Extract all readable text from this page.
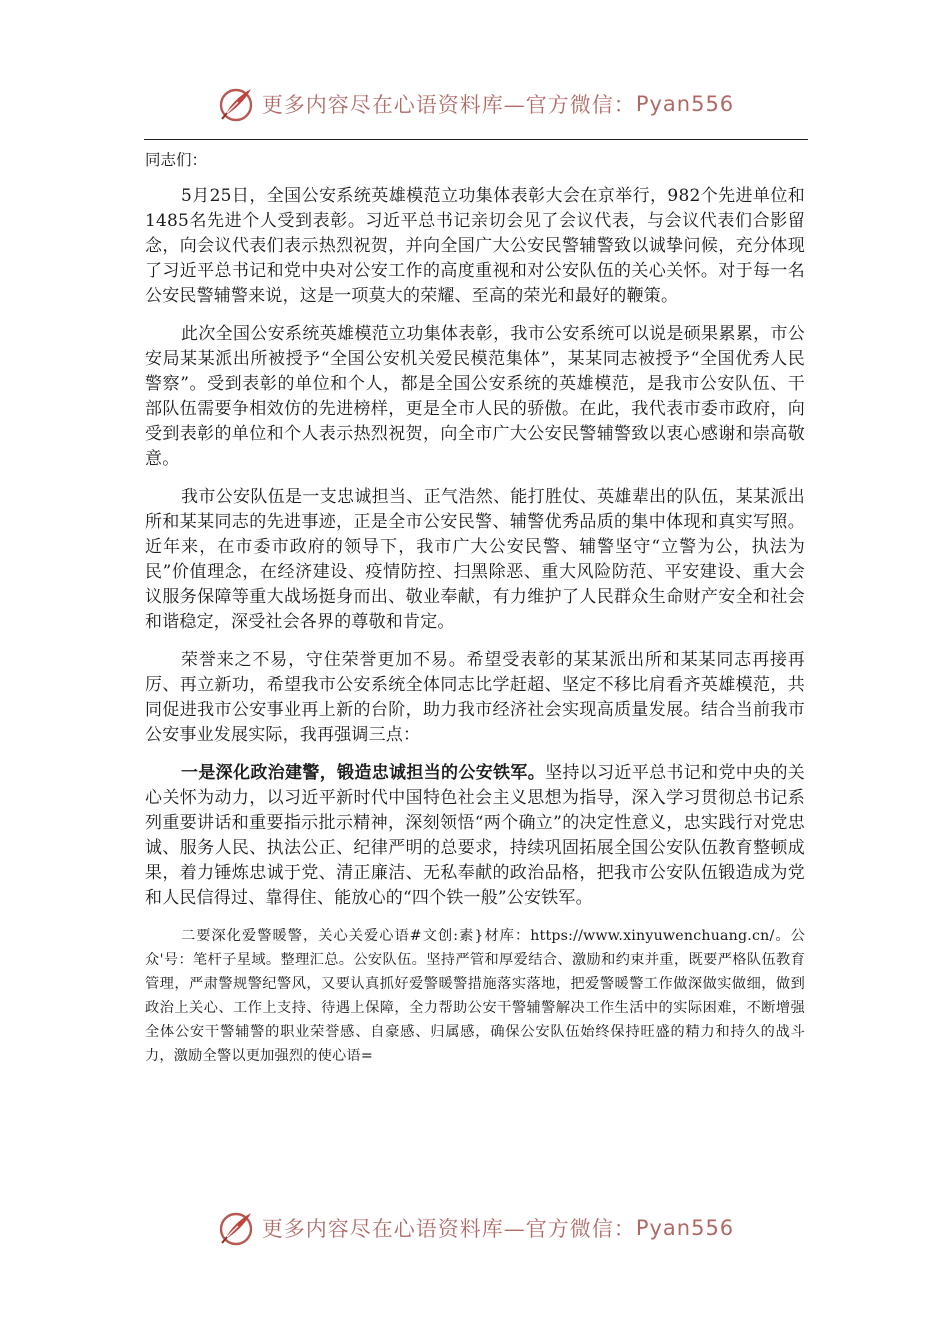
更多内容尽在心语资料库—官方微信： Pyan556
同志们：

5月25日，全国公安系统英雄模范立功集体表彰大会在京举行，982个先进单位和1485名先进个人受到表彰。习近平总书记亲切会见了会议代表，与会议代表们合影留念，向会议代表们表示热烈祝贺，并向全国广大公安民警辅警致以诚挚问候，充分体现了习近平总书记和党中央对公安工作的高度重视和对公安队伍的关心关怀。对于每一名公安民警辅警来说，这是一项莫大的荣耀、至高的荣光和最好的鞭策。

此次全国公安系统英雄模范立功集体表彰，我市公安系统可以说是硕果累累，市公安局某某派出所被授予“全国公安机关爱民模范集体”，某某同志被授予“全国优秀人民警察”。受到表彰的单位和个人，都是全国公安系统的英雄模范，是我市公安队伍、干部队伍需要争相效仿的先进榜样，更是全市人民的骄傲。在此，我代表市委市政府，向受到表彰的单位和个人表示热烈祝贺，向全市广大公安民警辅警致以衷心感谢和崇高敬意。

我市公安队伍是一支忠诚担当、正气浩然、能打胜仗、英雄辈出的队伍，某某派出所和某某同志的先进事迹，正是全市公安民警、辅警优秀品质的集中体现和真实写照。近年来，在市委市政府的领导下，我市广大公安民警、辅警坚守“立警为公，执法为民”价值理念，在经济建设、疫情防控、扫黑除恶、重大风险防范、平安建设、重大会议服务保障等重大战场挺身而出、敬业奉献，有力维护了人民群众生命财产安全和社会和谐稳定，深受社会各界的尊敬和肯定。

荣誉来之不易，守住荣誉更加不易。希望受表彰的某某派出所和某某同志再接再厉、再立新功，希望我市公安系统全体同志比学赶超、坚定不移比肩看齐英雄模范，共同促进我市公安事业再上新的台阶，助力我市经济社会实现高质量发展。结合当前我市公安事业发展实际，我再强调三点：

一是深化政治建警，锻造忠诚担当的公安铁军。坚持以习近平总书记和党中央的关心关怀为动力，以习近平新时代中国特色社会主义思想为指导，深入学习贯彻总书记系列重要讲话和重要指示批示精神，深刻领悟“两个确立”的决定性意义，忠实践行对党忠诚、服务人民、执法公正、纪律严明的总要求，持续巩固拓展全国公安队伍教育整顿成果，着力锤炼忠诚于党、清正廉洁、无私奉献的政治品格，把我市公安队伍锻造成为党和人民信得过、靠得住、能放心的“四个铁一般”公安铁军。

二要深化爱警暖警，关心关爱心语#文创:素}材库：https://www.xinyuwenchuang.cn/。公众'号：笔杆子星域。整理汇总。公安队伍。坚持严管和厚爱结合、激励和约束并重，既要严格队伍教育管理，严肃警规警纪警风，又要认真抓好爱警暖警措施落实落地，把爱警暖警工作做深做实做细，做到政治上关心、工作上支持、待遇上保障，全力帮助公安干警辅警解决工作生活中的实际困难，不断增强全体公安干警辅警的职业荣誉感、自豪感、归属感，确保公安队伍始终保持旺盛的精力和持久的战斗力，激励全警以更加强烈的使心语=

更多内容尽在心语资料库—官方微信： Pyan556
